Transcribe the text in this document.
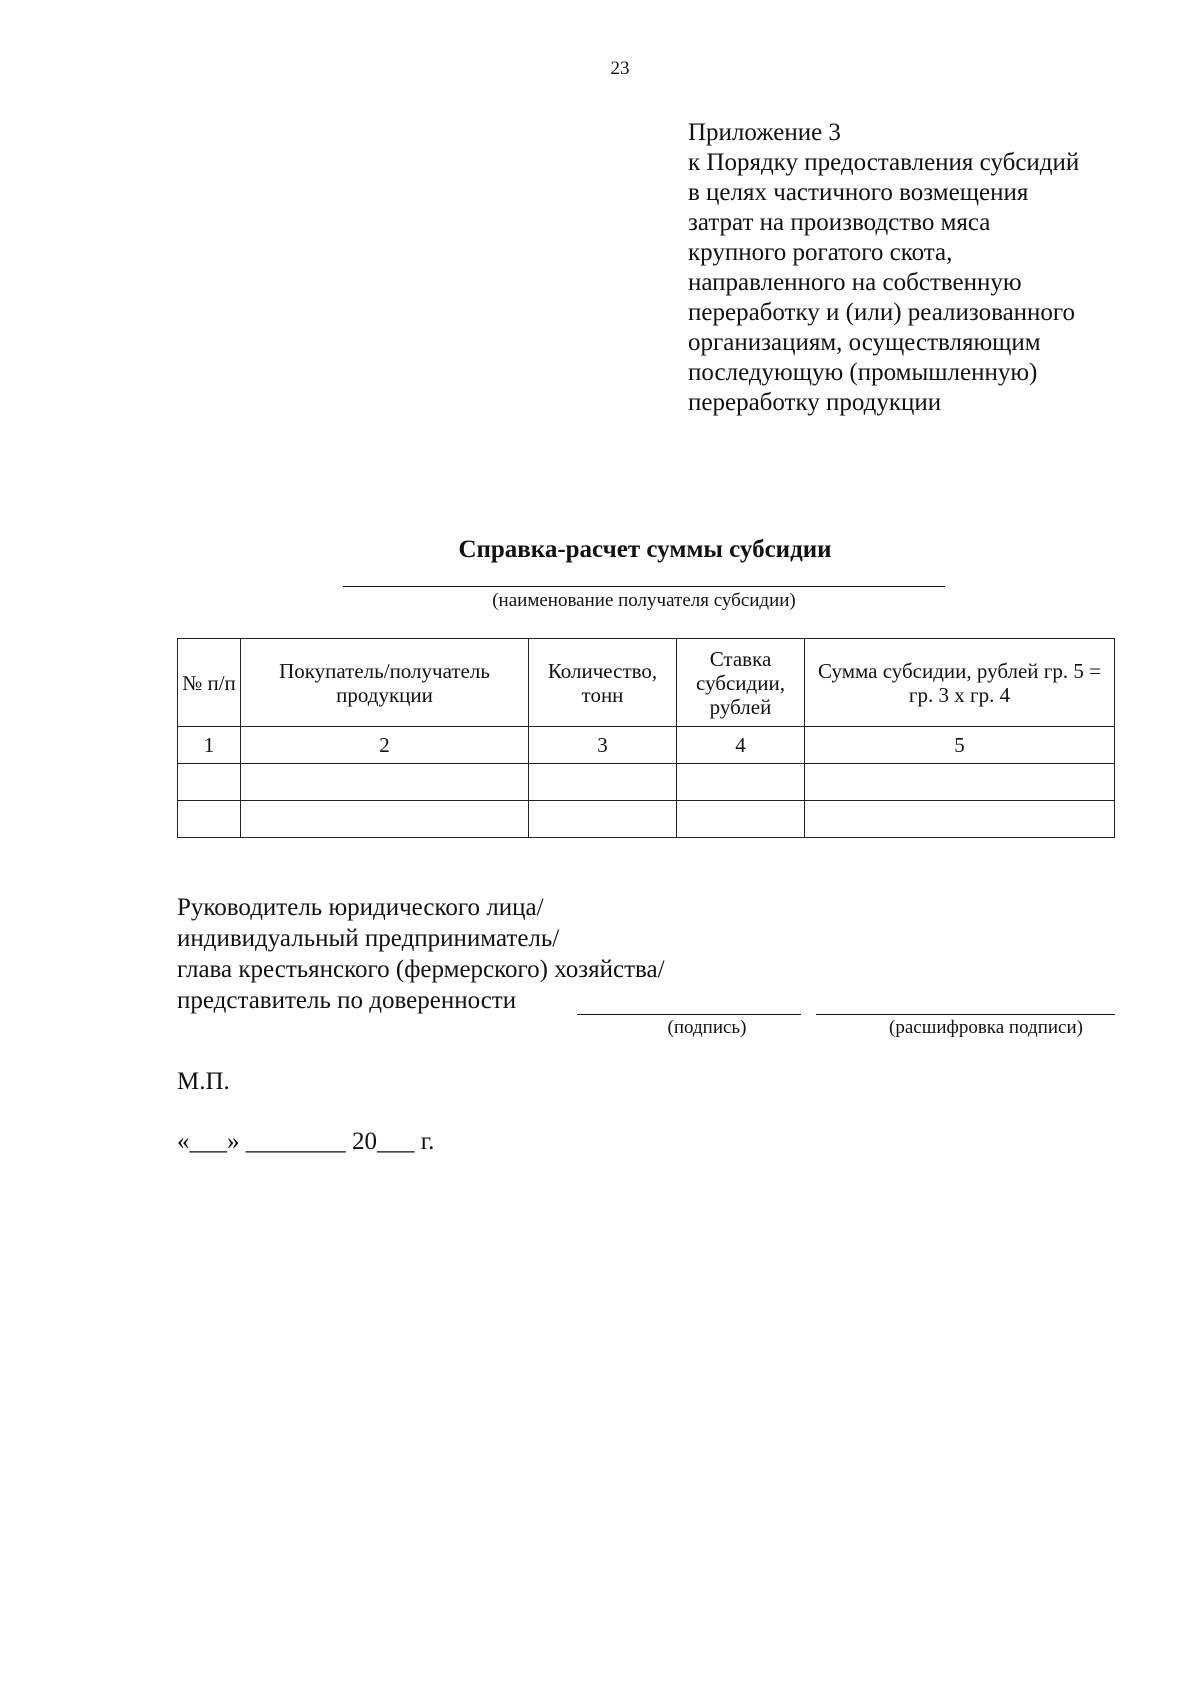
23
Приложение 3
к Порядку предоставления субсидий
в целях частичного возмещения
затрат на производство мяса
крупного рогатого скота,
направленного на собственную
переработку и (или) реализованного
организациям, осуществляющим
последующую (промышленную)
переработку продукции
Справка-расчет суммы субсидии
(наименование получателя субсидии)
№ п/п	Покупатель/получатель продукции	Количество, тонн	Ставка субсидии, рублей	Сумма субсидии, рублей гр. 5 = гр. 3 х гр. 4
1	2	3	4	5

Руководитель юридического лица/
индивидуальный предприниматель/
глава крестьянского (фермерского) хозяйства/
представитель по доверенности
(подпись)	(расшифровка подписи)
М.П.
«___» ________ 20___ г.
